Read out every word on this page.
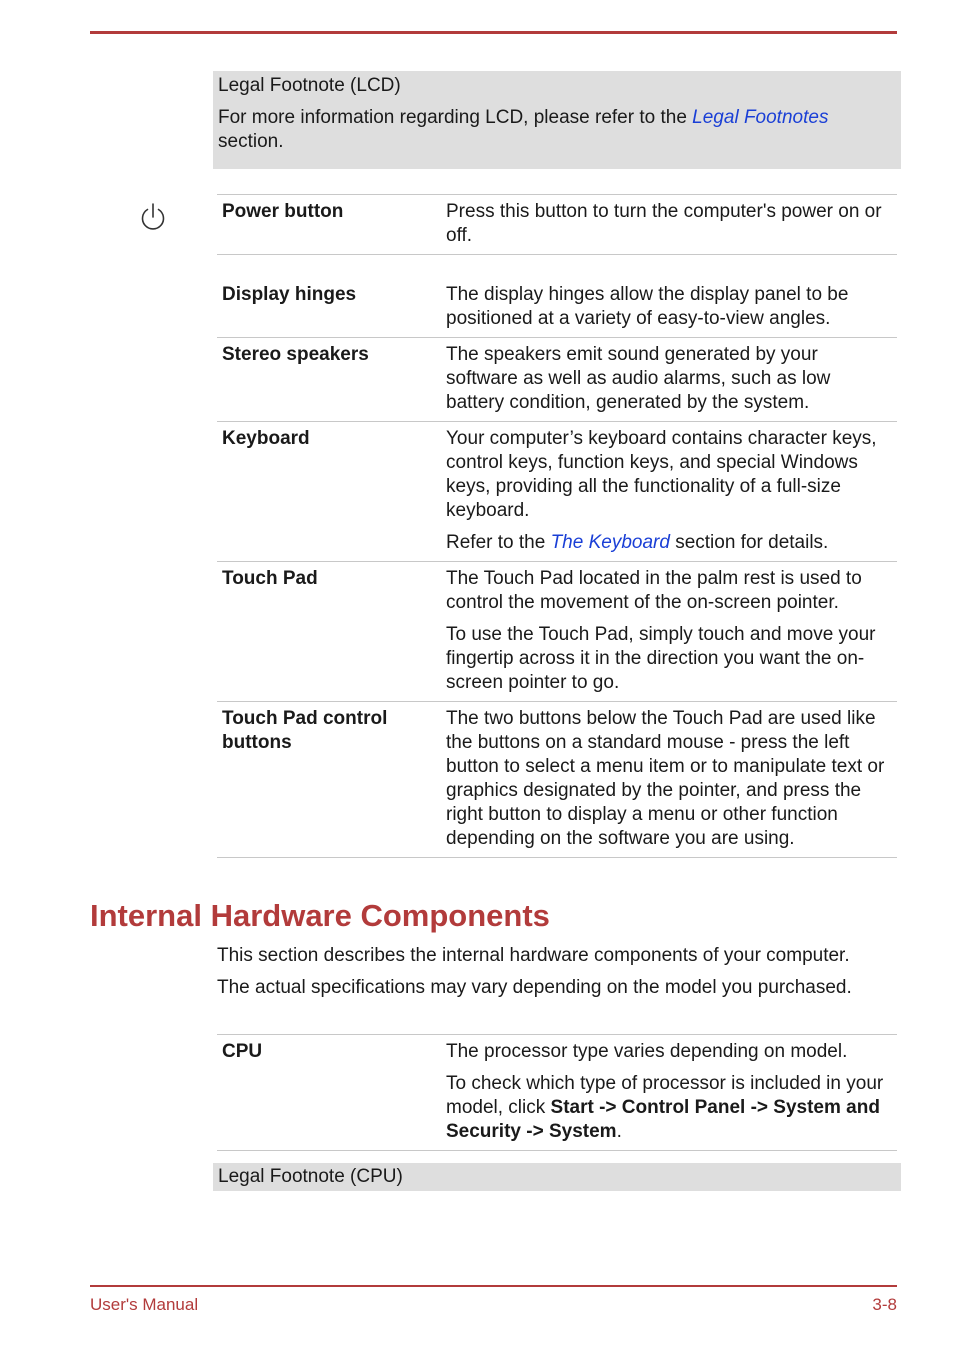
Legal Footnote (LCD)

For more information regarding LCD, please refer to the Legal Footnotes section.

Power button	Press this button to turn the computer's power on or off.

Display hinges	The display hinges allow the display panel to be positioned at a variety of easy-to-view angles.

Stereo speakers	The speakers emit sound generated by your software as well as audio alarms, such as low battery condition, generated by the system.

Keyboard	Your computer’s keyboard contains character keys, control keys, function keys, and special Windows keys, providing all the functionality of a full-size keyboard.

Refer to the The Keyboard section for details.

Touch Pad	The Touch Pad located in the palm rest is used to control the movement of the on-screen pointer.

To use the Touch Pad, simply touch and move your fingertip across it in the direction you want the on-screen pointer to go.

Touch Pad control buttons	The two buttons below the Touch Pad are used like the buttons on a standard mouse - press the left button to select a menu item or to manipulate text or graphics designated by the pointer, and press the right button to display a menu or other function depending on the software you are using.

Internal Hardware Components

This section describes the internal hardware components of your computer.

The actual specifications may vary depending on the model you purchased.

CPU	The processor type varies depending on model.

To check which type of processor is included in your model, click Start -> Control Panel -> System and Security -> System.

Legal Footnote (CPU)

User's Manual	3-8
